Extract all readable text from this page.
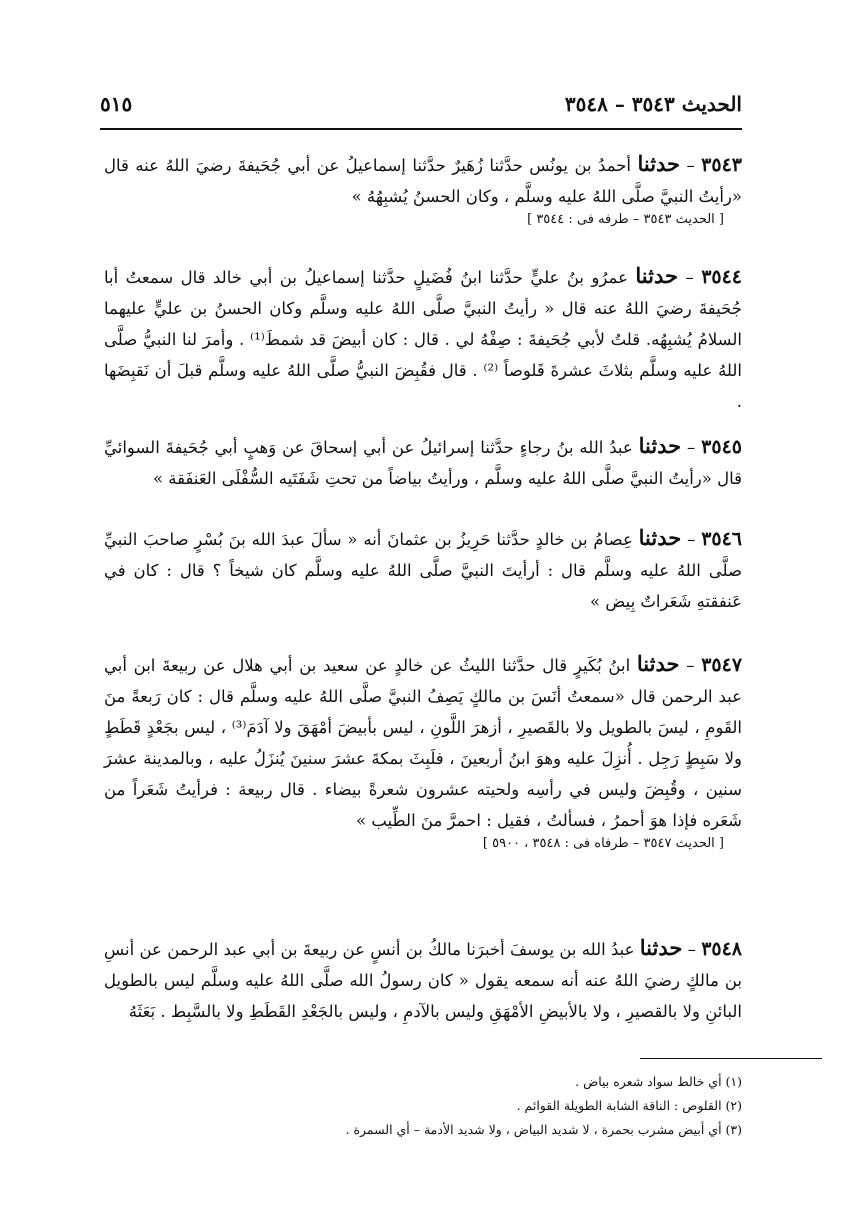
الحديث ٣٥٤٣ – ٣٥٤٨
٥١٥
٣٥٤٣ – حدثنا أحمدُ بن يونُس حدَّثنا زُهَيرٌ حدَّثنا إسماعيلُ عن أبي جُحَيفةَ رضيَ اللهُ عنه قال «رأيتُ النبيَّ صلَّى اللهُ عليه وسلَّم ، وكان الحسنُ يُشبِهُهُ »
[ الحديث ٣٥٤٣ – طرفه فى : ٣٥٤٤ ]
٣٥٤٤ – حدثنا عمرُو بنُ عليٍّ حدَّثنا ابنُ فُضَيلٍ حدَّثنا إسماعيلُ بن أبي خالد قال سمعتُ أبا جُحَيفةَ رضيَ اللهُ عنه قال « رأيتُ النبيَّ صلَّى اللهُ عليه وسلَّم وكان الحسنُ بن عليٍّ عليهما السلامُ يُشبِهُه. قلتُ لأبي جُحَيفةَ : صِفْهُ لي . قال : كان أبيضَ قد شمطَ⁽¹⁾ . وأمرَ لنا النبيُّ صلَّى اللهُ عليه وسلَّم بثلاثَ عشرةَ قَلوصاً ⁽²⁾ . قال فقُبِضَ النبيُّ صلَّى اللهُ عليه وسلَّم قبلَ أن نَقبِضَها .
٣٥٤٥ – حدثنا عبدُ الله بنُ رجاءٍ حدَّثنا إسرائيلُ عن أبي إسحاقَ عن وَهبٍ أبي جُحَيفةَ السوائيِّ قال «رأيتُ النبيَّ صلَّى اللهُ عليه وسلَّم ، ورأيتُ بياضاً من تحتِ شَفَتَيه السُّفْلَى العَنفَقة »
٣٥٤٦ – حدثنا عِصامُ بن خالدٍ حدَّثنا حَرِيزُ بن عثمانَ أنه « سألَ عبدَ الله بنَ بُسْرٍ صاحبَ النبيِّ صلَّى اللهُ عليه وسلَّم قال : أرأيتَ النبيَّ صلَّى اللهُ عليه وسلَّم كان شيخاً ؟ قال : كان في عَنفقتهِ شَعَراتٌ بِيض »
٣٥٤٧ – حدثنا ابنُ بُكَيرٍ قال حدَّثنا الليثُ عن خالدٍ عن سعيد بن أبي هلال عن ربيعةَ ابن أبي عبد الرحمن قال «سمعتُ أنَسَ بن مالكٍ يَصِفُ النبيَّ صلَّى اللهُ عليه وسلَّم قال : كان رَبعةً منَ القَومِ ، ليسَ بالطويل ولا بالقَصيرِ ، أزهرَ اللَّونِ ، ليس بأبيضَ أمْهَقَ ولا آدَمَ⁽³⁾ ، ليس بجَعْدٍ قَطَطٍ ولا سَبِطٍ رَجِل . أُنزِلَ عليه وهوَ ابنُ أربعينَ ، فلَبِثَ بمكةَ عشرَ سنينَ يُنزَلُ عليه ، وبالمدينة عشرَ سنين ، وقُبِضَ وليس في رأسِه ولحيته عشرون شعرةً بيضاء . قال ربيعة : فرأيتُ شَعَراً من شَعَره فإذا هوَ أحمرُ ، فسألتُ ، فقيل : احمرَّ منَ الطِّيب »
[ الحديث ٣٥٤٧ – طرفاه فى : ٣٥٤٨ ، ٥٩٠٠ ]
٣٥٤٨ – حدثنا عبدُ الله بن يوسفَ أخبرَنا مالكُ بن أنسٍ عن ربيعةَ بن أبي عبد الرحمن عن أنسِ بن مالكٍ رضيَ اللهُ عنه أنه سمعه يقول « كان رسولُ الله صلَّى اللهُ عليه وسلَّم ليس بالطويل البائنِ ولا بالقصيرِ ، ولا بالأبيضِ الأمْهَقِ وليس بالآدمِ ، وليس بالجَعْدِ القَطَطِ ولا بالسَّبِط . بَعَثَهُ
(١) أي خالط سواد شعره بياض .
(٢) القلوص : الناقة الشابة الطويلة القوائم .
(٣) أي أبيض مشرب بحمرة ، لا شديد البياض ، ولا شديد الأدمة – أي السمرة .
